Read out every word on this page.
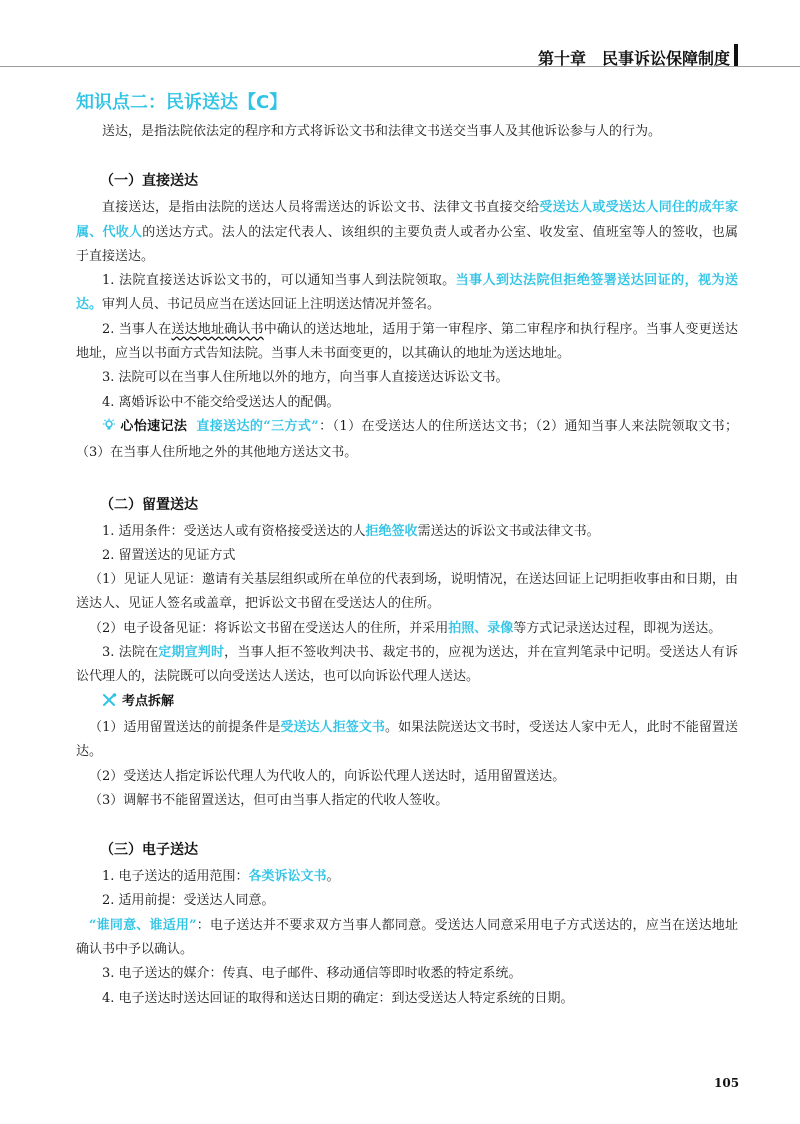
第十章　民事诉讼保障制度
知识点二：民诉送达【C】

送达，是指法院依法定的程序和方式将诉讼文书和法律文书送交当事人及其他诉讼参与人的行为。

（一）直接送达

直接送达，是指由法院的送达人员将需送达的诉讼文书、法律文书直接交给受送达人或受送达人同住的成年家属、代收人的送达方式。法人的法定代表人、该组织的主要负责人或者办公室、收发室、值班室等人的签收，也属于直接送达。

1. 法院直接送达诉讼文书的，可以通知当事人到法院领取。当事人到达法院但拒绝签署送达回证的，视为送达。审判人员、书记员应当在送达回证上注明送达情况并签名。

2. 当事人在送达地址确认书中确认的送达地址，适用于第一审程序、第二审程序和执行程序。当事人变更送达地址，应当以书面方式告知法院。当事人未书面变更的，以其确认的地址为送达地址。

3. 法院可以在当事人住所地以外的地方，向当事人直接送达诉讼文书。

4. 离婚诉讼中不能交给受送达人的配偶。

心怡速记法 直接送达的“三方式”：（1）在受送达人的住所送达文书；（2）通知当事人来法院领取文书；（3）在当事人住所地之外的其他地方送达文书。

（二）留置送达

1. 适用条件：受送达人或有资格接受送达的人拒绝签收需送达的诉讼文书或法律文书。

2. 留置送达的见证方式

（1）见证人见证：邀请有关基层组织或所在单位的代表到场，说明情况，在送达回证上记明拒收事由和日期，由送达人、见证人签名或盖章，把诉讼文书留在受送达人的住所。

（2）电子设备见证：将诉讼文书留在受送达人的住所，并采用拍照、录像等方式记录送达过程，即视为送达。

3. 法院在定期宣判时，当事人拒不签收判决书、裁定书的，应视为送达，并在宣判笔录中记明。受送达人有诉讼代理人的，法院既可以向受送达人送达，也可以向诉讼代理人送达。

考点拆解

（1）适用留置送达的前提条件是受送达人拒签文书。如果法院送达文书时，受送达人家中无人，此时不能留置送达。

（2）受送达人指定诉讼代理人为代收人的，向诉讼代理人送达时，适用留置送达。

（3）调解书不能留置送达，但可由当事人指定的代收人签收。

（三）电子送达

1. 电子送达的适用范围：各类诉讼文书。

2. 适用前提：受送达人同意。

“谁同意、谁适用”：电子送达并不要求双方当事人都同意。受送达人同意采用电子方式送达的，应当在送达地址确认书中予以确认。

3. 电子送达的媒介：传真、电子邮件、移动通信等即时收悉的特定系统。

4. 电子送达时送达回证的取得和送达日期的确定：到达受送达人特定系统的日期。

105
